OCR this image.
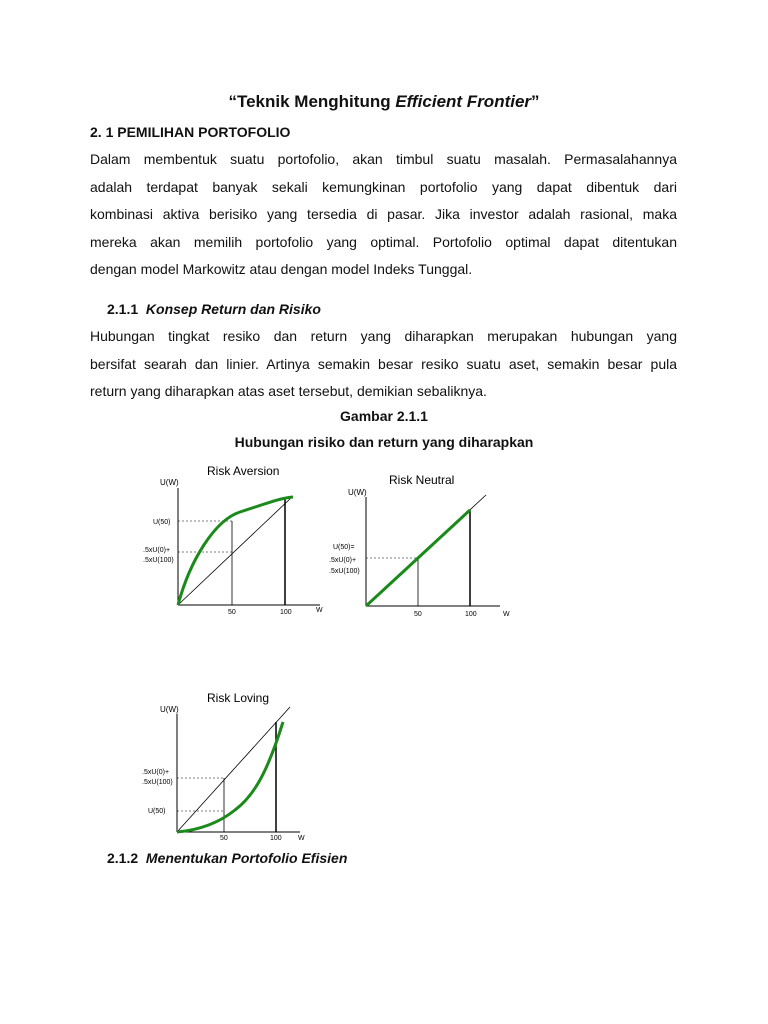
“Teknik Menghitung Efficient Frontier”
2. 1 PEMILIHAN PORTOFOLIO
Dalam membentuk suatu portofolio, akan timbul suatu masalah. Permasalahannya
adalah terdapat banyak sekali kemungkinan portofolio yang dapat dibentuk dari
kombinasi aktiva berisiko yang tersedia di pasar. Jika investor adalah rasional, maka
mereka akan memilih portofolio yang optimal. Portofolio optimal dapat ditentukan
dengan model Markowitz atau dengan model Indeks Tunggal.
2.1.1 Konsep Return dan Risiko
Hubungan tingkat resiko dan return yang diharapkan merupakan hubungan yang
bersifat searah dan linier. Artinya semakin besar resiko suatu aset, semakin besar pula
return yang diharapkan atas aset tersebut, demikian sebaliknya.
Gambar 2.1.1
Hubungan risiko dan return yang diharapkan
Risk Aversion
U(W)
U(50)
.5xU(0)+
.5xU(100)
50	100	W
Risk Neutral
U(W)
U(50)=
.5xU(0)+
.5xU(100)
50	100	W
Risk Loving
U(W)
.5xU(0)+
.5xU(100)
U(50)
50	100 W
2.1.2 Menentukan Portofolio Efisien
